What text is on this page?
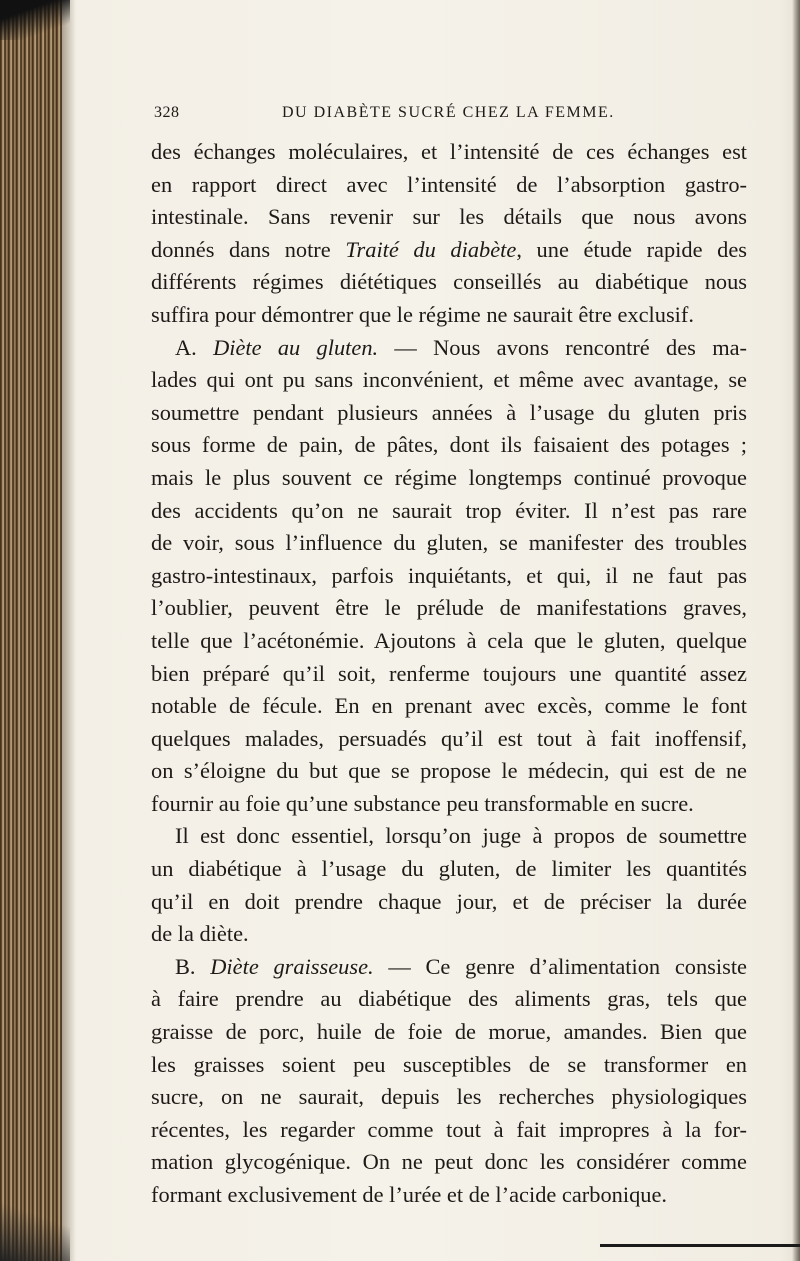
328	DU DIABÈTE SUCRÉ CHEZ LA FEMME.
des échanges moléculaires, et l’intensité de ces échanges est
en rapport direct avec l’intensité de l’absorption gastro-
intestinale. Sans revenir sur les détails que nous avons
donnés dans notre Traité du diabète, une étude rapide des
différents régimes diététiques conseillés au diabétique nous
suffira pour démontrer que le régime ne saurait être exclusif.
A. Diète au gluten. — Nous avons rencontré des ma-
lades qui ont pu sans inconvénient, et même avec avantage, se
soumettre pendant plusieurs années à l’usage du gluten pris
sous forme de pain, de pâtes, dont ils faisaient des potages ;
mais le plus souvent ce régime longtemps continué provoque
des accidents qu’on ne saurait trop éviter. Il n’est pas rare
de voir, sous l’influence du gluten, se manifester des troubles
gastro-intestinaux, parfois inquiétants, et qui, il ne faut pas
l’oublier, peuvent être le prélude de manifestations graves,
telle que l’acétonémie. Ajoutons à cela que le gluten, quelque
bien préparé qu’il soit, renferme toujours une quantité assez
notable de fécule. En en prenant avec excès, comme le font
quelques malades, persuadés qu’il est tout à fait inoffensif,
on s’éloigne du but que se propose le médecin, qui est de ne
fournir au foie qu’une substance peu transformable en sucre.
Il est donc essentiel, lorsqu’on juge à propos de soumettre
un diabétique à l’usage du gluten, de limiter les quantités
qu’il en doit prendre chaque jour, et de préciser la durée
de la diète.
B. Diète graisseuse. — Ce genre d’alimentation consiste
à faire prendre au diabétique des aliments gras, tels que
graisse de porc, huile de foie de morue, amandes. Bien que
les graisses soient peu susceptibles de se transformer en
sucre, on ne saurait, depuis les recherches physiologiques
récentes, les regarder comme tout à fait impropres à la for-
mation glycogénique. On ne peut donc les considérer comme
formant exclusivement de l’urée et de l’acide carbonique.
